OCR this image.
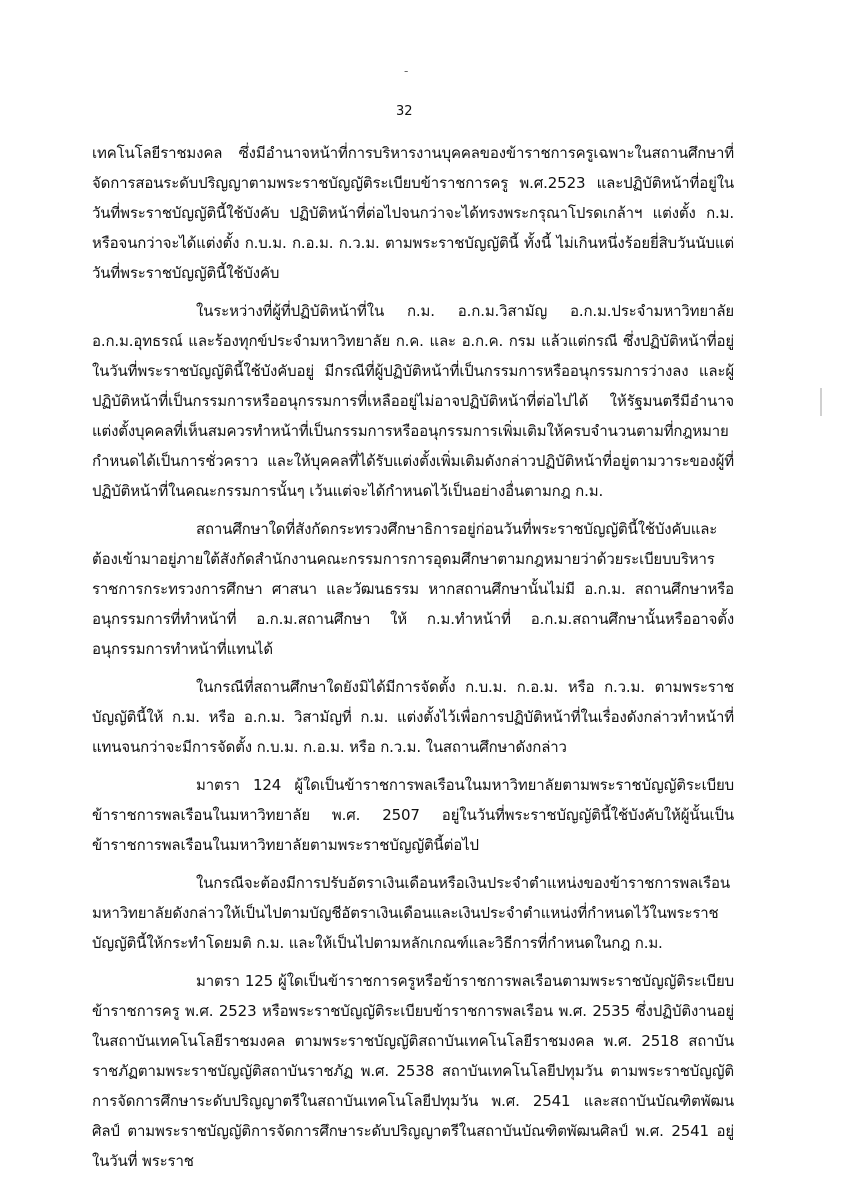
-
32

เทคโนโลยีราชมงคล ซึ่งมีอำนาจหน้าที่การบริหารงานบุคคลของข้าราชการครูเฉพาะในสถานศึกษาที่จัดการสอนระดับปริญญาตามพระราชบัญญัติระเบียบข้าราชการครู พ.ศ.2523 และปฏิบัติหน้าที่อยู่ในวันที่พระราชบัญญัตินี้ใช้บังคับ ปฏิบัติหน้าที่ต่อไปจนกว่าจะได้ทรงพระกรุณาโปรดเกล้าฯ แต่งตั้ง ก.ม. หรือจนกว่าจะได้แต่งตั้ง ก.บ.ม. ก.อ.ม. ก.ว.ม. ตามพระราชบัญญัตินี้ ทั้งนี้ ไม่เกินหนึ่งร้อยยี่สิบวันนับแต่วันที่พระราชบัญญัตินี้ใช้บังคับ

ในระหว่างที่ผู้ที่ปฏิบัติหน้าที่ใน ก.ม. อ.ก.ม.วิสามัญ อ.ก.ม.ประจำมหาวิทยาลัย อ.ก.ม.อุทธรณ์ และร้องทุกข์ประจำมหาวิทยาลัย ก.ค. และ อ.ก.ค. กรม แล้วแต่กรณี ซึ่งปฏิบัติหน้าที่อยู่ในวันที่พระราชบัญญัตินี้ใช้บังคับอยู่ มีกรณีที่ผู้ปฏิบัติหน้าที่เป็นกรรมการหรืออนุกรรมการว่างลง และผู้ปฏิบัติหน้าที่เป็นกรรมการหรืออนุกรรมการที่เหลืออยู่ไม่อาจปฏิบัติหน้าที่ต่อไปได้ ให้รัฐมนตรีมีอำนาจแต่งตั้งบุคคลที่เห็นสมควรทำหน้าที่เป็นกรรมการหรืออนุกรรมการเพิ่มเติมให้ครบจำนวนตามที่กฎหมายกำหนดได้เป็นการชั่วคราว และให้บุคคลที่ได้รับแต่งตั้งเพิ่มเติมดังกล่าวปฏิบัติหน้าที่อยู่ตามวาระของผู้ที่ปฏิบัติหน้าที่ในคณะกรรมการนั้นๆ เว้นแต่จะได้กำหนดไว้เป็นอย่างอื่นตามกฎ ก.ม.

สถานศึกษาใดที่สังกัดกระทรวงศึกษาธิการอยู่ก่อนวันที่พระราชบัญญัตินี้ใช้บังคับและต้องเข้ามาอยู่ภายใต้สังกัดสำนักงานคณะกรรมการการอุดมศึกษาตามกฎหมายว่าด้วยระเบียบบริหารราชการกระทรวงการศึกษา ศาสนา และวัฒนธรรม หากสถานศึกษานั้นไม่มี อ.ก.ม. สถานศึกษาหรืออนุกรรมการที่ทำหน้าที่ อ.ก.ม.สถานศึกษา ให้ ก.ม.ทำหน้าที่ อ.ก.ม.สถานศึกษานั้นหรืออาจตั้งอนุกรรมการทำหน้าที่แทนได้

ในกรณีที่สถานศึกษาใดยังมิได้มีการจัดตั้ง ก.บ.ม. ก.อ.ม. หรือ ก.ว.ม. ตามพระราชบัญญัตินี้ให้ ก.ม. หรือ อ.ก.ม. วิสามัญที่ ก.ม. แต่งตั้งไว้เพื่อการปฏิบัติหน้าที่ในเรื่องดังกล่าวทำหน้าที่แทนจนกว่าจะมีการจัดตั้ง ก.บ.ม. ก.อ.ม. หรือ ก.ว.ม. ในสถานศึกษาดังกล่าว

มาตรา 124 ผู้ใดเป็นข้าราชการพลเรือนในมหาวิทยาลัยตามพระราชบัญญัติระเบียบข้าราชการพลเรือนในมหาวิทยาลัย พ.ศ. 2507 อยู่ในวันที่พระราชบัญญัตินี้ใช้บังคับให้ผู้นั้นเป็นข้าราชการพลเรือนในมหาวิทยาลัยตามพระราชบัญญัตินี้ต่อไป

ในกรณีจะต้องมีการปรับอัตราเงินเดือนหรือเงินประจำตำแหน่งของข้าราชการพลเรือนมหาวิทยาลัยดังกล่าวให้เป็นไปตามบัญชีอัตราเงินเดือนและเงินประจำตำแหน่งที่กำหนดไว้ในพระราชบัญญัตินี้ให้กระทำโดยมติ ก.ม. และให้เป็นไปตามหลักเกณฑ์และวิธีการที่กำหนดในกฎ ก.ม.

มาตรา 125 ผู้ใดเป็นข้าราชการครูหรือข้าราชการพลเรือนตามพระราชบัญญัติระเบียบข้าราชการครู พ.ศ. 2523 หรือพระราชบัญญัติระเบียบข้าราชการพลเรือน พ.ศ. 2535 ซึ่งปฏิบัติงานอยู่ในสถาบันเทคโนโลยีราชมงคล ตามพระราชบัญญัติสถาบันเทคโนโลยีราชมงคล พ.ศ. 2518 สถาบันราชภัฏตามพระราชบัญญัติสถาบันราชภัฏ พ.ศ. 2538 สถาบันเทคโนโลยีปทุมวัน ตามพระราชบัญญัติการจัดการศึกษาระดับปริญญาตรีในสถาบันเทคโนโลยีปทุมวัน พ.ศ. 2541 และสถาบันบัณฑิตพัฒนศิลป์ ตามพระราชบัญญัติการจัดการศึกษาระดับปริญญาตรีในสถาบันบัณฑิตพัฒนศิลป์ พ.ศ. 2541 อยู่ในวันที่ พระราช
